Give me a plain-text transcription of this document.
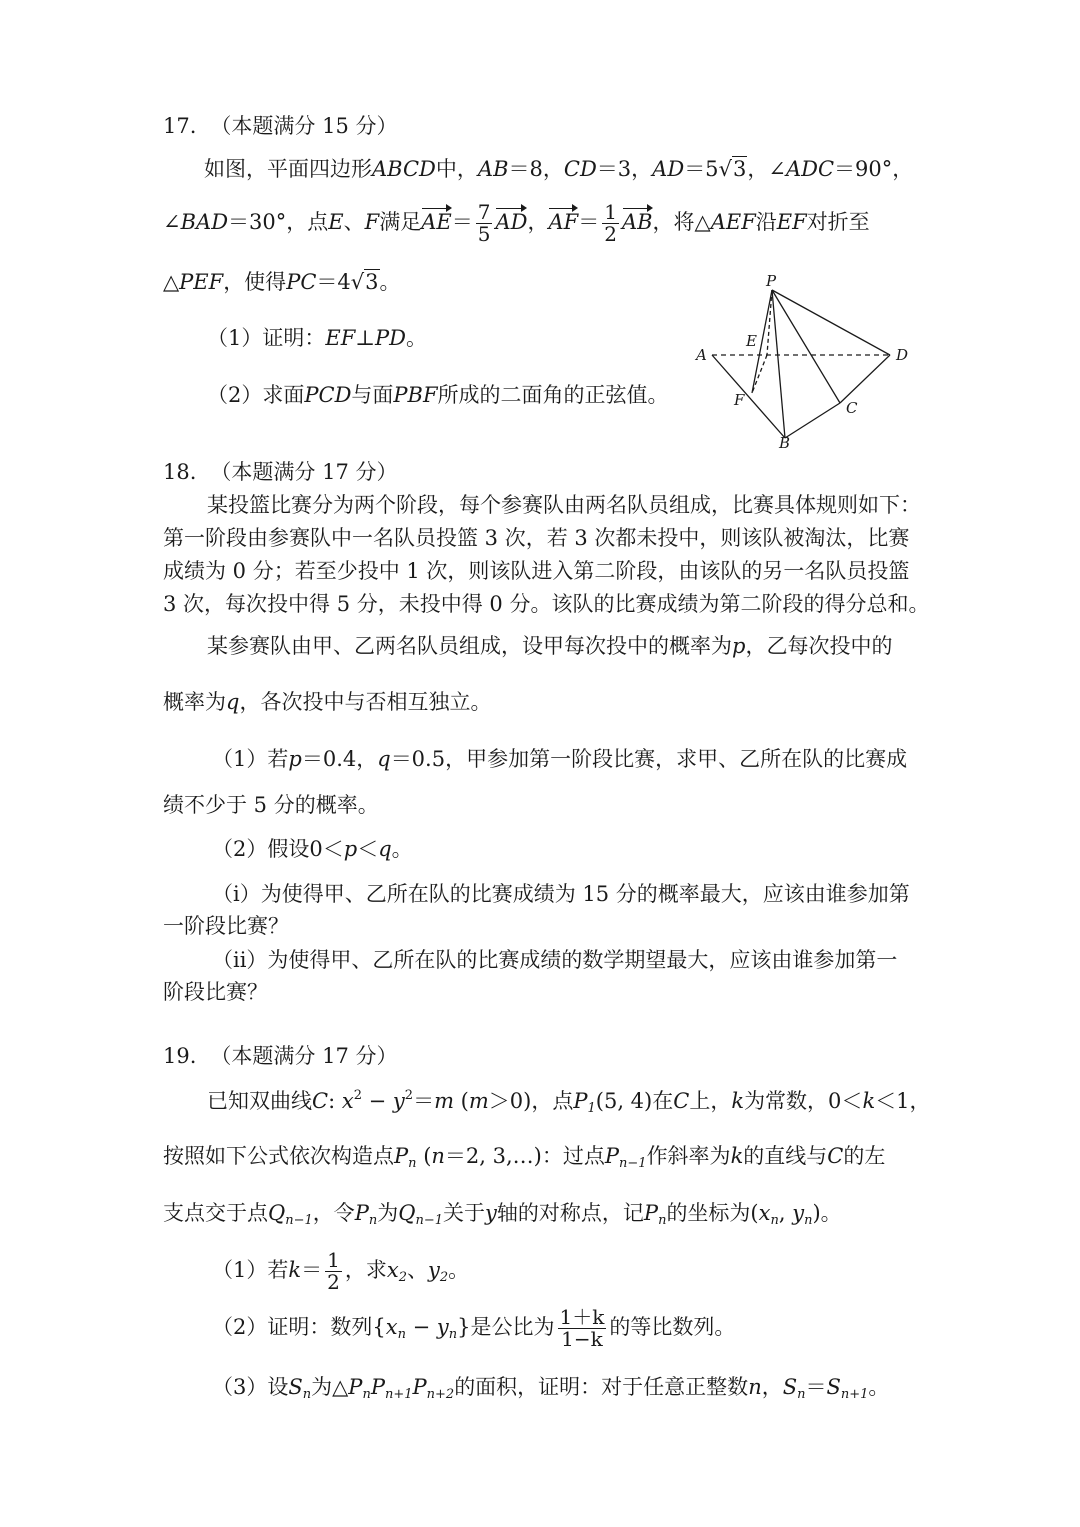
17. （本题满分 15 分）
如图，平面四边形ABCD中，AB＝8，CD＝3，AD＝5√3，∠ADC＝90°，
∠BAD＝30°，点E、F满足$AE= \frac{7}{5}$ AD，$AF= \frac{1}{2}$ AB，将△AEF沿EF对折至
△PEF，使得PC＝4√3。
（1）证明：EF⊥PD。
（2）求面PCD与面PBF所成的二面角的正弦值。
P
A
E
D
F	C
B
18. （本题满分 17 分）
某投篮比赛分为两个阶段，每个参赛队由两名队员组成，比赛具体规则如下：
第一阶段由参赛队中一名队员投篮 3 次，若 3 次都未投中，则该队被淘汰，比赛
成绩为 0 分；若至少投中 1 次，则该队进入第二阶段，由该队的另一名队员投篮
3 次，每次投中得 5 分，未投中得 0 分。该队的比赛成绩为第二阶段的得分总和。
某参赛队由甲、乙两名队员组成，设甲每次投中的概率为p，乙每次投中的
概率为q，各次投中与否相互独立。
（1）若p＝0.4，q＝0.5，甲参加第一阶段比赛，求甲、乙所在队的比赛成
绩不少于 5 分的概率。
（2）假设0＜p＜q。
（i）为使得甲、乙所在队的比赛成绩为 15 分的概率最大，应该由谁参加第
一阶段比赛？
（ii）为使得甲、乙所在队的比赛成绩的数学期望最大，应该由谁参加第一
阶段比赛？
19. （本题满分 17 分）
已知双曲线C: $x^2 - y^2=m$ (m＞0)，点$P_1(5$, 4)在C上，k为常数，0＜k＜1，
按照如下公式依次构造点$P_n$ (n＝2, 3,…)：过点$P_{n-1}$作斜率为k的直线与C的左
支点交于点$Q_{n-1}$，令$P_n$为$Q_{n-1}$关于y轴的对称点，记$P_n$的坐标为($x_n$, $y_n$)。
（1）若$k= \frac{1}{2}$ ，求$x_2$、$y_2$。
（2）证明：数列$\{x_n - y_n\}$是公比为 $\frac{1+k}{1-k}$ 的等比数列。
（3）设$S_n$为$\triangle P_nP_{n+1}P_{n+2}$的面积，证明：对于任意正整数n，$S_n=S_{n+1}$。
